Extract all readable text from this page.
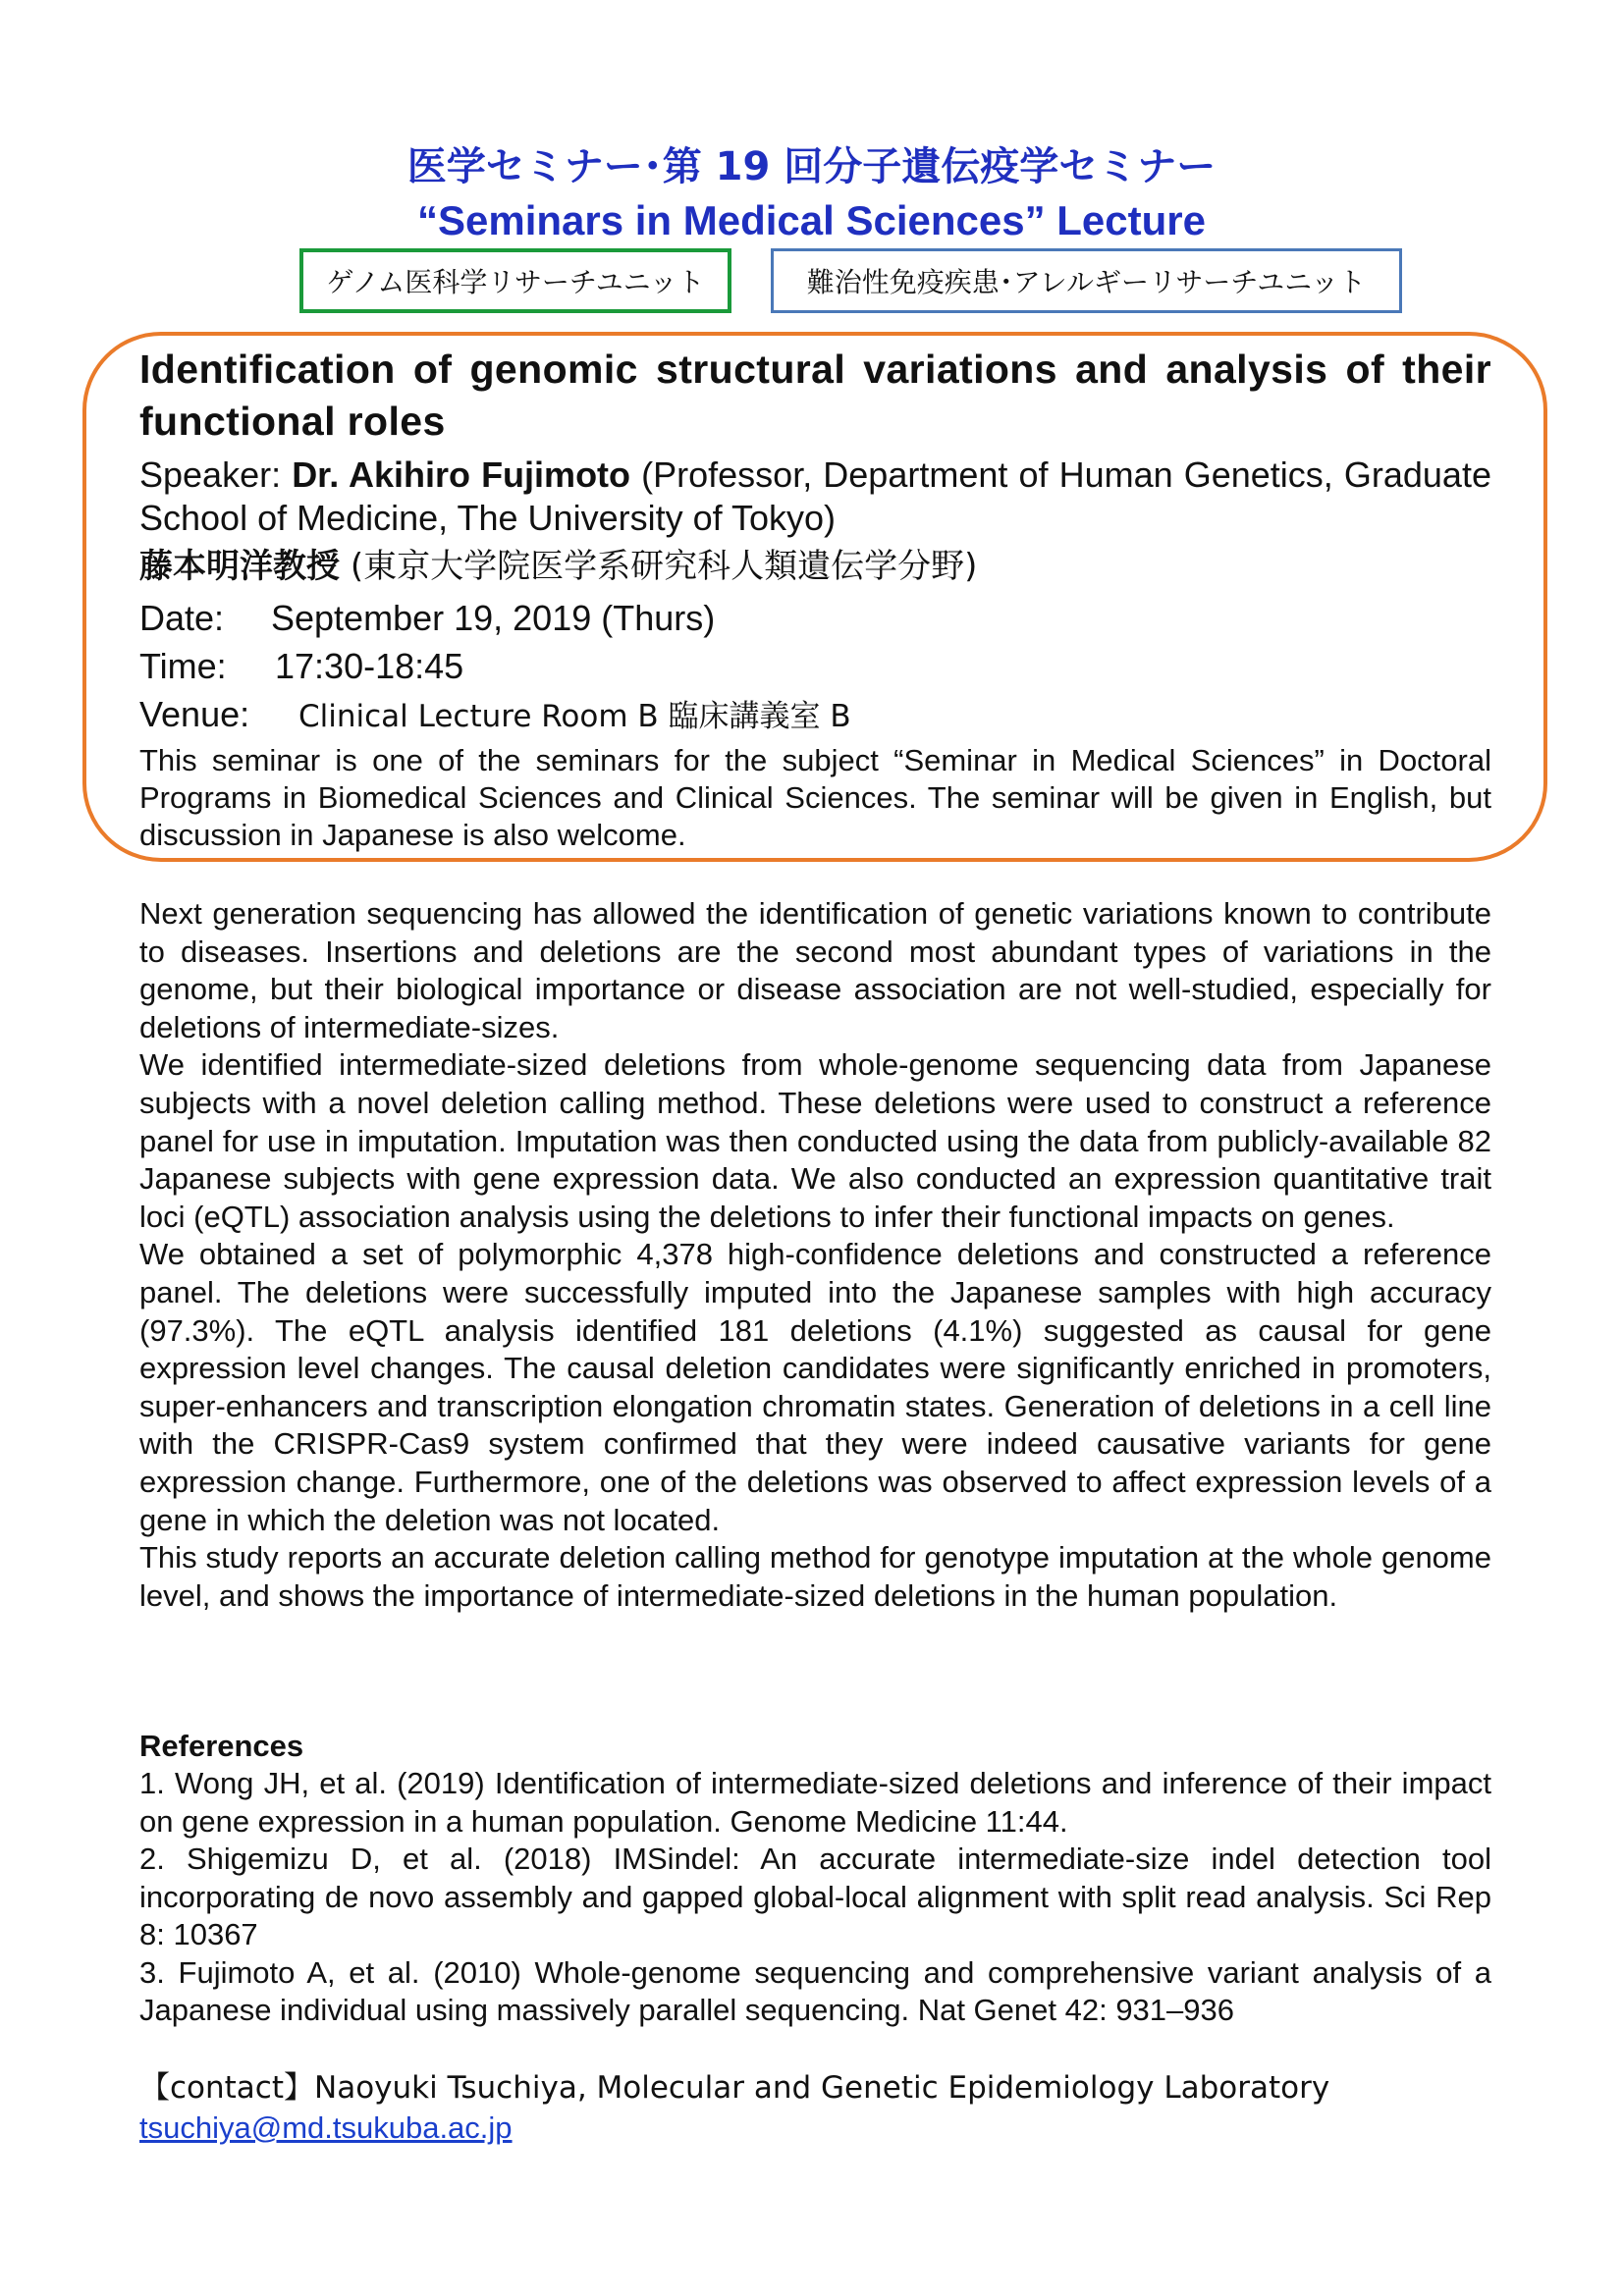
医学セミナー･第 19 回分子遺伝疫学セミナー
“Seminars in Medical Sciences” Lecture
ゲノム医科学リサーチユニット	難治性免疫疾患･アレルギーリサーチユニット
Identification of genomic structural variations and analysis of their functional roles
Speaker: Dr. Akihiro Fujimoto (Professor, Department of Human Genetics, Graduate School of Medicine, The University of Tokyo)
藤本明洋教授 (東京大学院医学系研究科人類遺伝学分野)
Date: September 19, 2019 (Thurs)
Time: 17:30-18:45
Venue: Clinical Lecture Room B 臨床講義室 B
This seminar is one of the seminars for the subject “Seminar in Medical Sciences” in Doctoral Programs in Biomedical Sciences and Clinical Sciences. The seminar will be given in English, but discussion in Japanese is also welcome.

Next generation sequencing has allowed the identification of genetic variations known to contribute to diseases. Insertions and deletions are the second most abundant types of variations in the genome, but their biological importance or disease association are not well-studied, especially for deletions of intermediate-sizes.

We identified intermediate-sized deletions from whole-genome sequencing data from Japanese subjects with a novel deletion calling method. These deletions were used to construct a reference panel for use in imputation. Imputation was then conducted using the data from publicly-available 82 Japanese subjects with gene expression data. We also conducted an expression quantitative trait loci (eQTL) association analysis using the deletions to infer their functional impacts on genes.

We obtained a set of polymorphic 4,378 high-confidence deletions and constructed a reference panel. The deletions were successfully imputed into the Japanese samples with high accuracy (97.3%). The eQTL analysis identified 181 deletions (4.1%) suggested as causal for gene expression level changes. The causal deletion candidates were significantly enriched in promoters, super-enhancers and transcription elongation chromatin states. Generation of deletions in a cell line with the CRISPR-Cas9 system confirmed that they were indeed causative variants for gene expression change. Furthermore, one of the deletions was observed to affect expression levels of a gene in which the deletion was not located.

This study reports an accurate deletion calling method for genotype imputation at the whole genome level, and shows the importance of intermediate-sized deletions in the human population.

References

1. Wong JH, et al. (2019) Identification of intermediate-sized deletions and inference of their impact on gene expression in a human population. Genome Medicine 11:44.

2. Shigemizu D, et al. (2018) IMSindel: An accurate intermediate-size indel detection tool incorporating de novo assembly and gapped global-local alignment with split read analysis. Sci Rep 8: 10367

3. Fujimoto A, et al. (2010) Whole-genome sequencing and comprehensive variant analysis of a Japanese individual using massively parallel sequencing. Nat Genet 42: 931–936

【contact】Naoyuki Tsuchiya, Molecular and Genetic Epidemiology Laboratory
tsuchiya@md.tsukuba.ac.jp
